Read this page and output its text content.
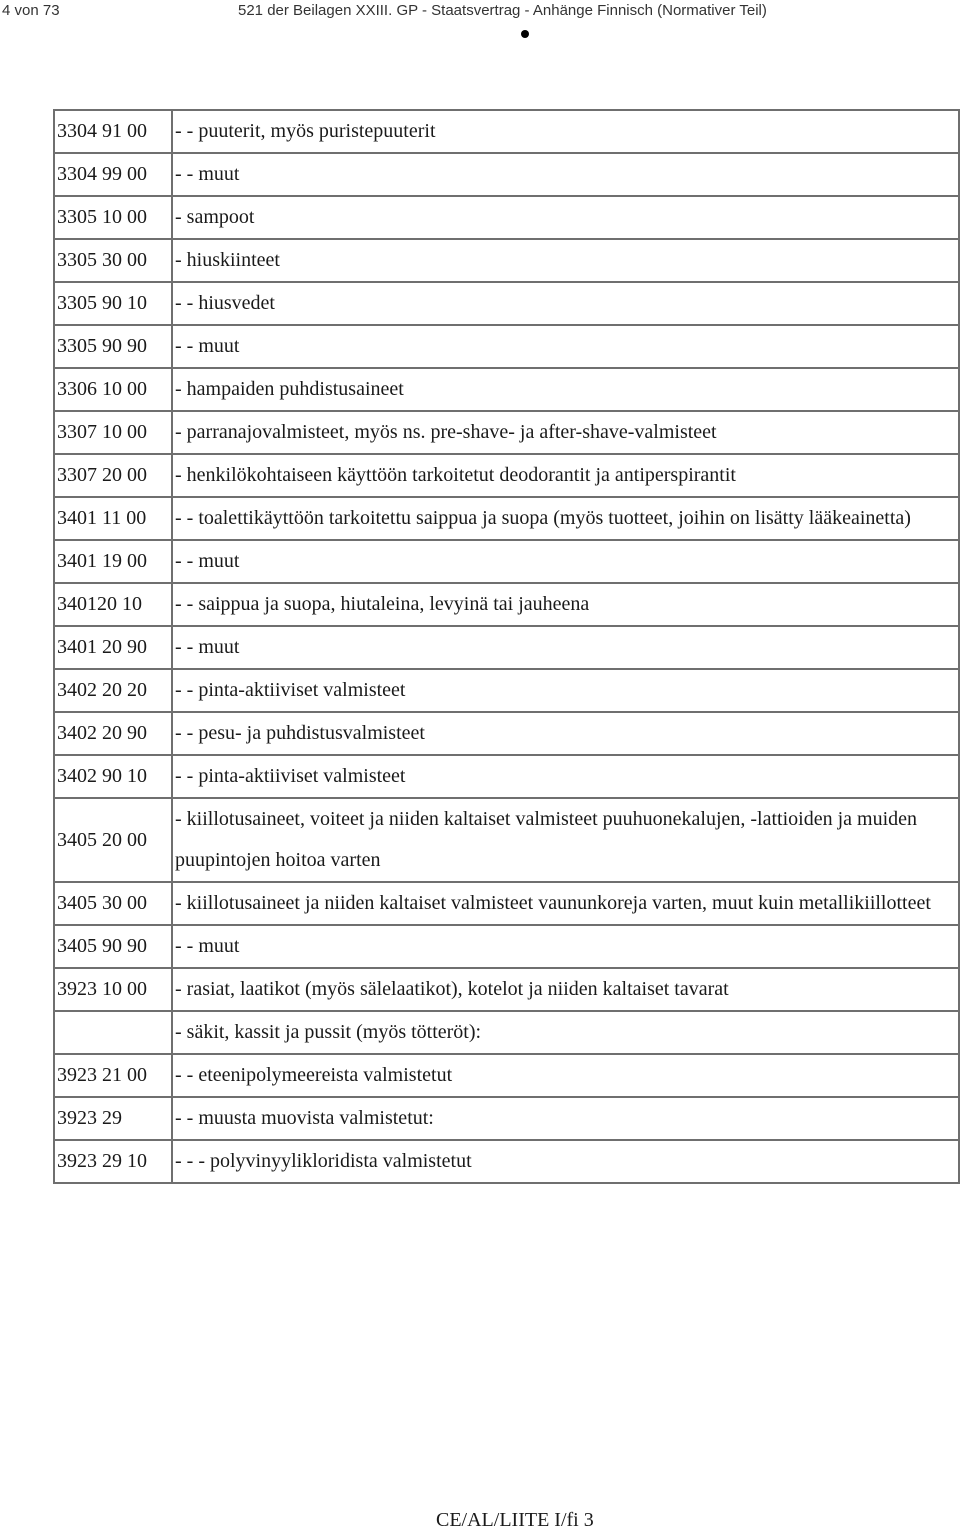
4 von 73	521 der Beilagen XXIII. GP - Staatsvertrag - Anhänge Finnisch (Normativer Teil)
3304 91 00	- - puuterit, myös puristepuuterit
3304 99 00	- - muut
3305 10 00	- sampoot
3305 30 00	- hiuskiinteet
3305 90 10	- - hiusvedet
3305 90 90	- - muut
3306 10 00	- hampaiden puhdistusaineet
3307 10 00	- parranajovalmisteet, myös ns. pre-shave- ja after-shave-valmisteet
3307 20 00	- henkilökohtaiseen käyttöön tarkoitetut deodorantit ja antiperspirantit
3401 11 00	- - toalettikäyttöön tarkoitettu saippua ja suopa (myös tuotteet, joihin on lisätty lääkeainetta)
3401 19 00	- - muut
340120 10	- - saippua ja suopa, hiutaleina, levyinä tai jauheena
3401 20 90	- - muut
3402 20 20	- - pinta-aktiiviset valmisteet
3402 20 90	- - pesu- ja puhdistusvalmisteet
3402 90 10	- - pinta-aktiiviset valmisteet
3405 20 00	- kiillotusaineet, voiteet ja niiden kaltaiset valmisteet puuhuonekalujen, -lattioiden ja muiden puupintojen hoitoa varten
3405 30 00	- kiillotusaineet ja niiden kaltaiset valmisteet vaununkoreja varten, muut kuin metallikiillotteet
3405 90 90	- - muut
3923 10 00	- rasiat, laatikot (myös sälelaatikot), kotelot ja niiden kaltaiset tavarat
	- säkit, kassit ja pussit (myös tötteröt):
3923 21 00	- - eteenipolymeereista valmistetut
3923 29	- - muusta muovista valmistetut:
3923 29 10	- - - polyvinyylikloridista valmistetut
CE/AL/LIITE I/fi 3
